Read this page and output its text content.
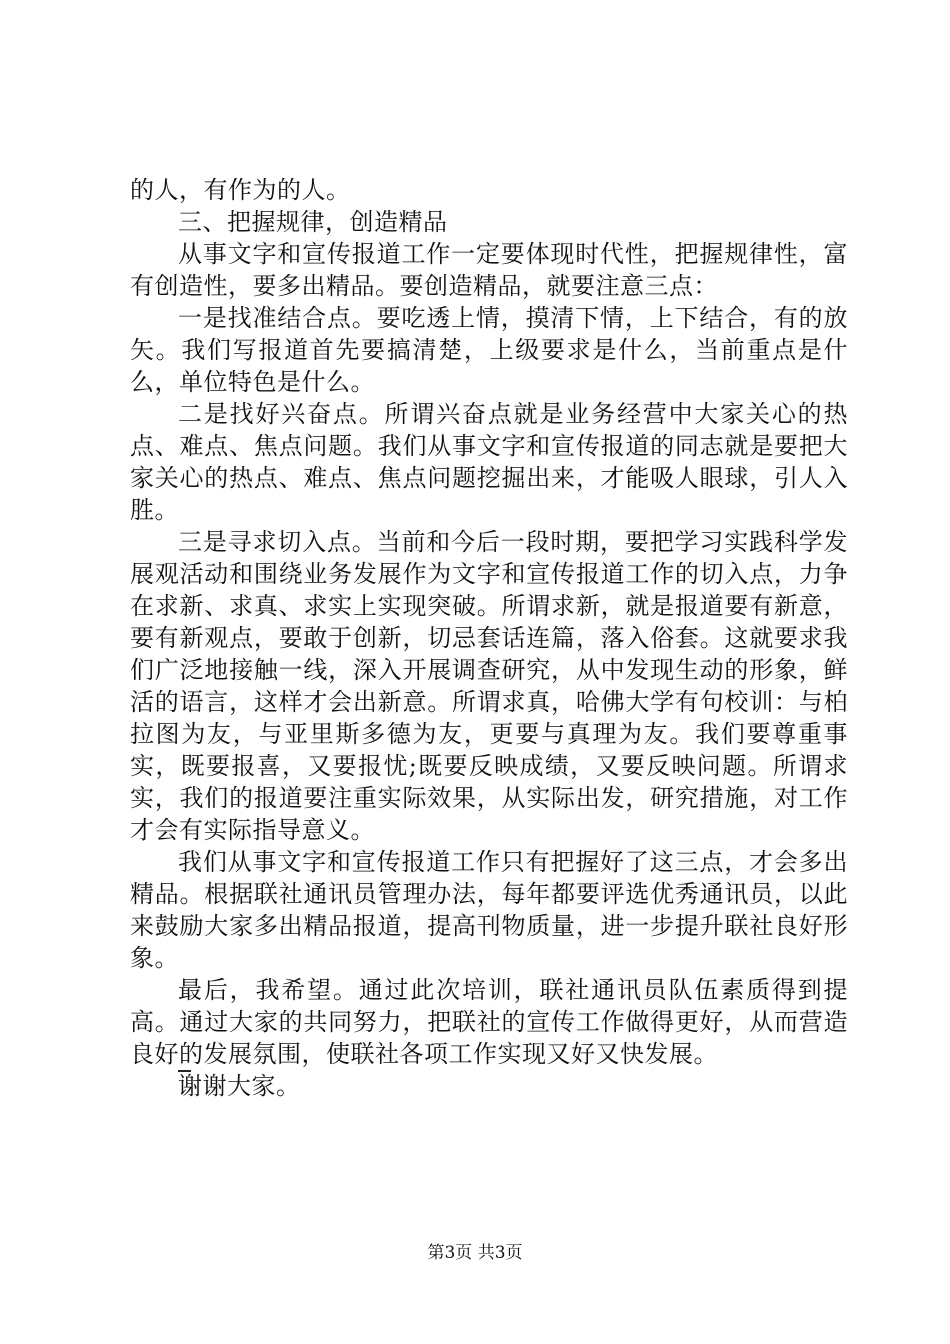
的人，有作为的人。

三、把握规律，创造精品

从事文字和宣传报道工作一定要体现时代性，把握规律性，富有创造性，要多出精品。要创造精品，就要注意三点：

一是找准结合点。要吃透上情，摸清下情，上下结合，有的放矢。我们写报道首先要搞清楚，上级要求是什么，当前重点是什么，单位特色是什么。

二是找好兴奋点。所谓兴奋点就是业务经营中大家关心的热点、难点、焦点问题。我们从事文字和宣传报道的同志就是要把大家关心的热点、难点、焦点问题挖掘出来，才能吸人眼球，引人入胜。

三是寻求切入点。当前和今后一段时期，要把学习实践科学发展观活动和围绕业务发展作为文字和宣传报道工作的切入点，力争在求新、求真、求实上实现突破。所谓求新，就是报道要有新意，要有新观点，要敢于创新，切忌套话连篇，落入俗套。这就要求我们广泛地接触一线，深入开展调查研究，从中发现生动的形象，鲜活的语言，这样才会出新意。所谓求真，哈佛大学有句校训：与柏拉图为友，与亚里斯多德为友，更要与真理为友。我们要尊重事实，既要报喜，又要报忧;既要反映成绩，又要反映问题。所谓求实，我们的报道要注重实际效果，从实际出发，研究措施，对工作才会有实际指导意义。

我们从事文字和宣传报道工作只有把握好了这三点，才会多出精品。根据联社通讯员管理办法，每年都要评选优秀通讯员，以此来鼓励大家多出精品报道，提高刊物质量，进一步提升联社良好形象。

最后，我希望。通过此次培训，联社通讯员队伍素质得到提高。通过大家的共同努力，把联社的宣传工作做得更好，从而营造良好的发展氛围，使联社各项工作实现又好又快发展。

谢谢大家。

第3页 共3页
